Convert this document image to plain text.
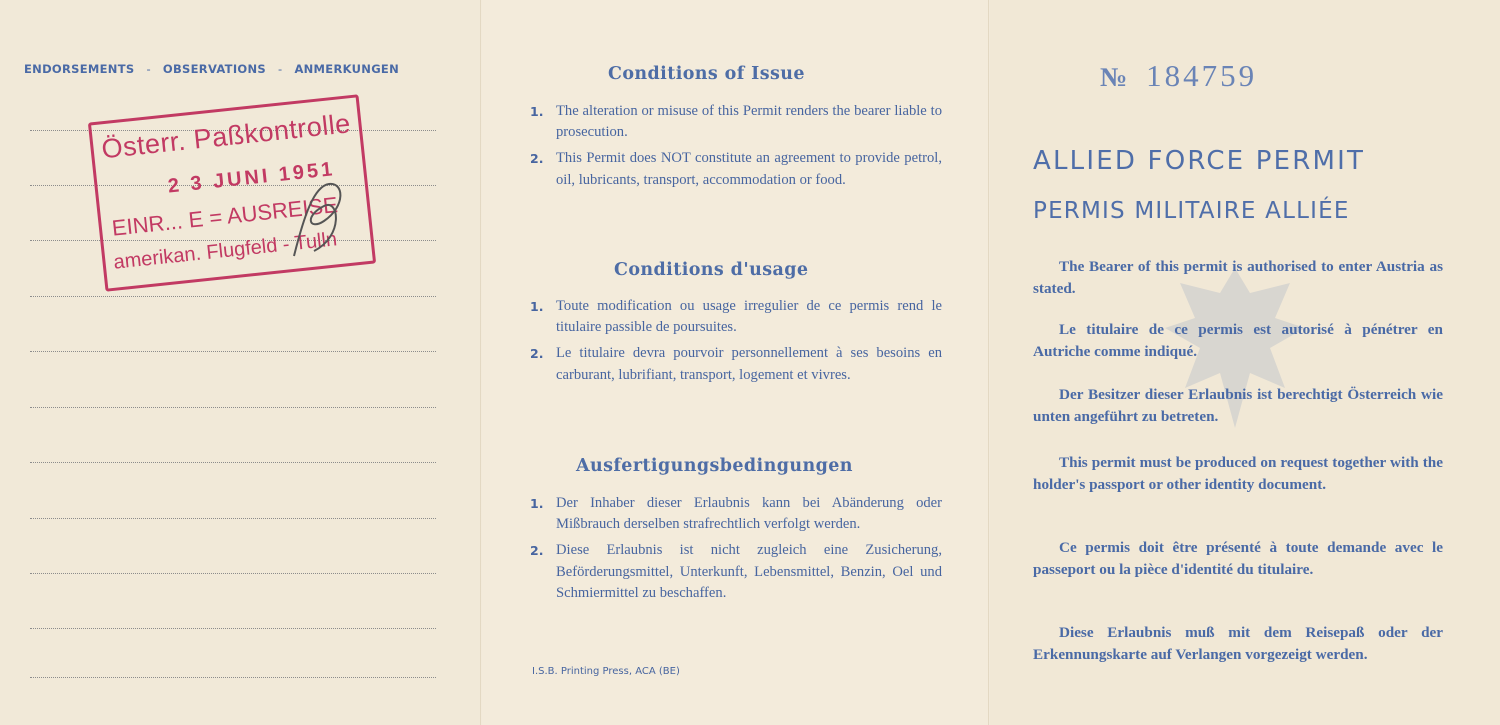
ENDORSEMENTS - OBSERVATIONS - ANMERKUNGEN
Österr. Paßkontrolle
2 3 JUNI 1951
EINR... E = AUSREISE
amerikan. Flugfeld - Tulln
Conditions of Issue
1. The alteration or misuse of this Permit renders the bearer liable to prosecution.
2. This Permit does NOT constitute an agreement to provide petrol, oil, lubricants, transport, accommodation or food.
Conditions d'usage
1. Toute modification ou usage irregulier de ce permis rend le titulaire passible de poursuites.
2. Le titulaire devra pourvoir personnellement à ses besoins en carburant, lubrifiant, transport, logement et vivres.
Ausfertigungsbedingungen
1. Der Inhaber dieser Erlaubnis kann bei Abänderung oder Mißbrauch derselben strafrechtlich verfolgt werden.
2. Diese Erlaubnis ist nicht zugleich eine Zusicherung, Beförderungsmittel, Unterkunft, Lebensmittel, Benzin, Oel und Schmiermittel zu beschaffen.
I.S.B. Printing Press, ACA (BE)
№ 184759
ALLIED FORCE PERMIT
PERMIS MILITAIRE ALLIÉE

The Bearer of this permit is authorised to enter Austria as stated.

Le titulaire de ce permis est autorisé à pénétrer en Autriche comme indiqué.

Der Besitzer dieser Erlaubnis ist berechtigt Österreich wie unten angeführt zu betreten.

This permit must be produced on request together with the holder's passport or other identity document.

Ce permis doit être présenté à toute demande avec le passeport ou la pièce d'identité du titulaire.

Diese Erlaubnis muß mit dem Reisepaß oder der Erkennungskarte auf Verlangen vorgezeigt werden.
